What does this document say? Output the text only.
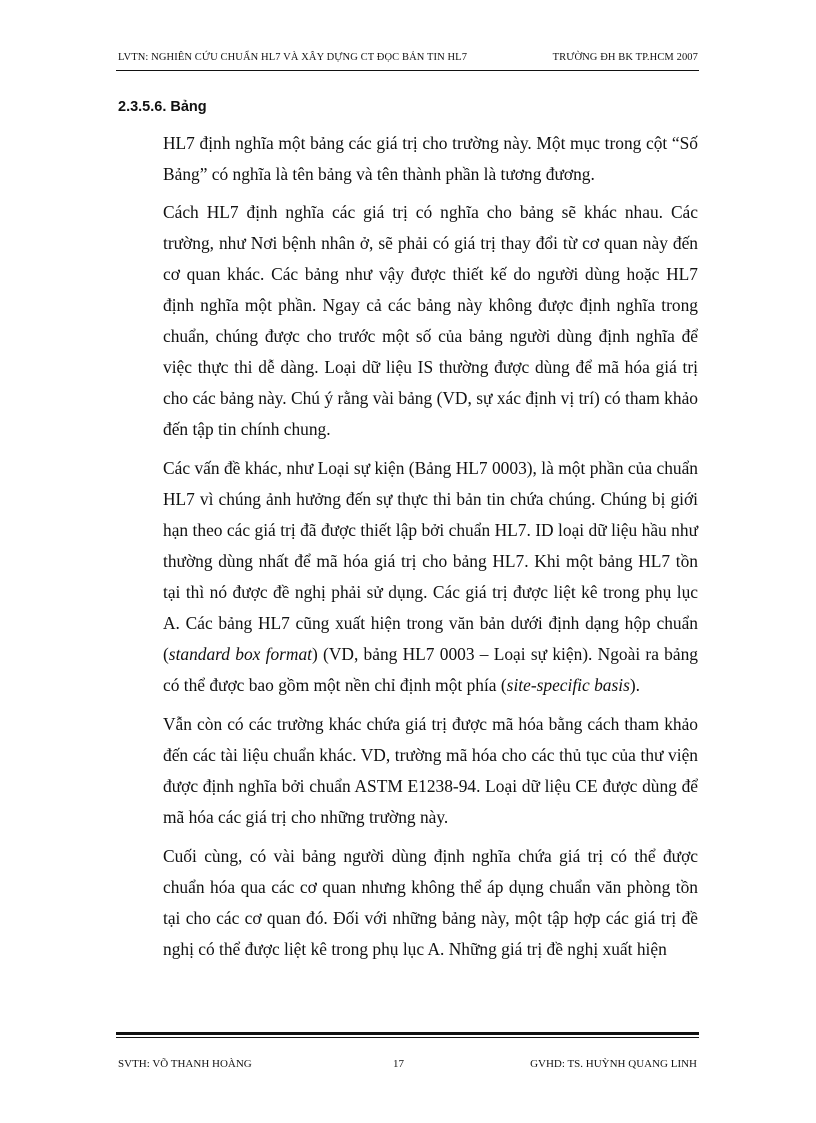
LVTN: NGHIÊN CỨU CHUẨN HL7 VÀ XÂY DỰNG CT ĐỌC BẢN TIN HL7	TRƯỜNG ĐH BK TP.HCM 2007
2.3.5.6. Bảng

HL7 định nghĩa một bảng các giá trị cho trường này. Một mục trong cột “Số Bảng” có nghĩa là tên bảng và tên thành phần là tương đương.

Cách HL7 định nghĩa các giá trị có nghĩa cho bảng sẽ khác nhau. Các trường, như Nơi bệnh nhân ở, sẽ phải có giá trị thay đổi từ cơ quan này đến cơ quan khác. Các bảng như vậy được thiết kế do người dùng hoặc HL7 định nghĩa một phần. Ngay cả các bảng này không được định nghĩa trong chuẩn, chúng được cho trước một số của bảng người dùng định nghĩa để việc thực thi dễ dàng. Loại dữ liệu IS thường được dùng để mã hóa giá trị cho các bảng này. Chú ý rằng vài bảng (VD, sự xác định vị trí) có tham khảo đến tập tin chính chung.

Các vấn đề khác, như Loại sự kiện (Bảng HL7 0003), là một phần của chuẩn HL7 vì chúng ảnh hưởng đến sự thực thi bản tin chứa chúng. Chúng bị giới hạn theo các giá trị đã được thiết lập bởi chuẩn HL7. ID loại dữ liệu hầu như thường dùng nhất để mã hóa giá trị cho bảng HL7. Khi một bảng HL7 tồn tại thì nó được đề nghị phải sử dụng. Các giá trị được liệt kê trong phụ lục A. Các bảng HL7 cũng xuất hiện trong văn bản dưới định dạng hộp chuẩn (standard box format) (VD, bảng HL7 0003 – Loại sự kiện). Ngoài ra bảng có thể được bao gồm một nền chỉ định một phía (site-specific basis).

Vẫn còn có các trường khác chứa giá trị được mã hóa bằng cách tham khảo đến các tài liệu chuẩn khác. VD, trường mã hóa cho các thủ tục của thư viện được định nghĩa bởi chuẩn ASTM E1238-94. Loại dữ liệu CE được dùng để mã hóa các giá trị cho những trường này.

Cuối cùng, có vài bảng người dùng định nghĩa chứa giá trị có thể được chuẩn hóa qua các cơ quan nhưng không thể áp dụng chuẩn văn phòng tồn tại cho các cơ quan đó. Đối với những bảng này, một tập hợp các giá trị đề nghị có thể được liệt kê trong phụ lục A. Những giá trị đề nghị xuất hiện

SVTH: VÕ THANH HOÀNG	17	GVHD: TS. HUỲNH QUANG LINH
